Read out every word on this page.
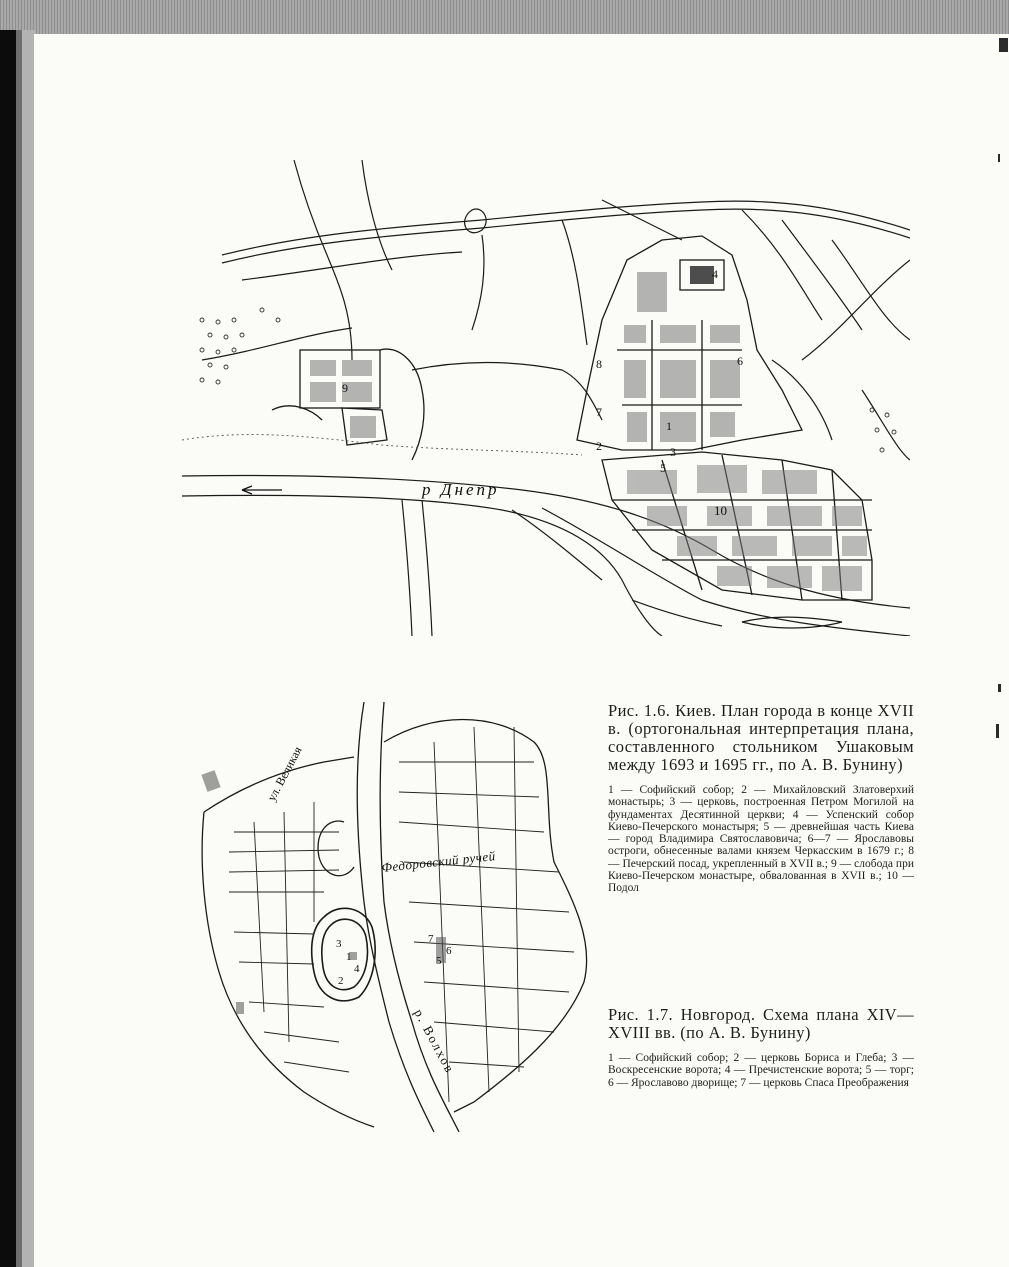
р Днепр
10
9
8
7
6
5
4
3
2
1
ул. Великая
Федоровский ручей
р. Волхов
3
1
4
2
7
5
6

Рис. 1.6. Киев. План города в конце XVII в. (ортогональная интерпретация плана, составленного стольником Ушаковым между 1693 и 1695 гг., по А. В. Бунину)

1 — Софийский собор; 2 — Михайловский Златоверхий монастырь; 3 — церковь, построенная Петром Могилой на фундаментах Десятинной церкви; 4 — Успенский собор Киево-Печерского монастыря; 5 — древнейшая часть Киева — город Владимира Святославовича; 6—7 — Ярославовы остроги, обнесенные валами князем Черкасским в 1679 г.; 8 — Печерский посад, укрепленный в XVII в.; 9 — слобода при Киево-Печерском монастыре, обвалованная в XVII в.; 10 — Подол

Рис. 1.7. Новгород. Схема плана XIV—XVIII вв. (по А. В. Бунину)

1 — Софийский собор; 2 — церковь Бориса и Глеба; 3 — Воскресенские ворота; 4 — Пречистенские ворота; 5 — торг; 6 — Ярославово дворище; 7 — церковь Спаса Преображения
